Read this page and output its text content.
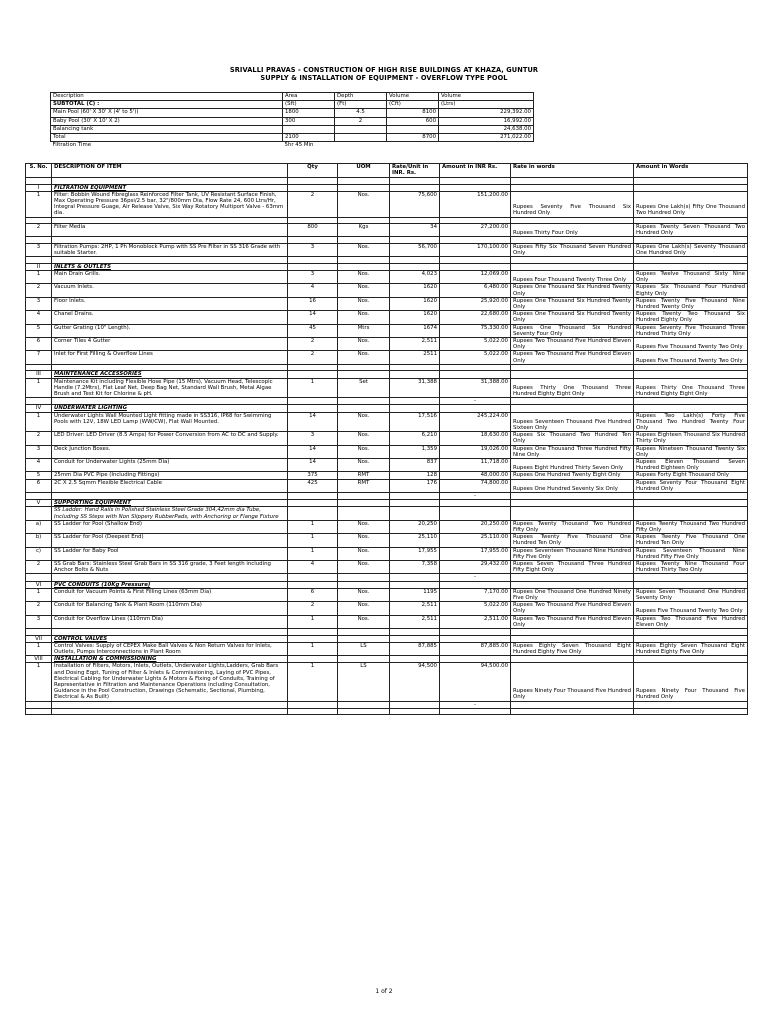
SRIVALLI PRAVAS - CONSTRUCTION OF HIGH RISE BUILDINGS AT KHAZA, GUNTUR
SUPPLY & INSTALLATION OF EQUIPMENT - OVERFLOW TYPE POOL
Description	Area	Depth	Volume	Volume
SUBTOTAL (C) :	(Sft)	(Ft)	(Cft)	(Ltrs)
Main Pool (60' X 30' X (4' to 5'))	1800	4.5	8100	229,392.00
Baby Pool (30' X 10' X 2)	300	2	600	16,992.00
Balancing tank				24,638.00
Total	2100		8700	271,022.00
Filtration Time	5hr 45 Min			
S. No.	DESCRIPTION OF ITEM	Qty	UOM	Rate/Unit in INR. Rs.	Amount in INR Rs.	Rate in words	Amount in Words

I	FILTRATION EQUIPMENT						
1	Filter: Bobbin Wound Fibreglass Reinforced Filter Tank, UV Resistant Surface Finish, Max Operating Pressure 36psi/2.5 bar, 32"/800mm Dia, Flow Rate 24, 600 Ltrs/Hr, Integral Pressure Guage, Air Release Valve, Six Way Rotatory Multiport Valve - 63mm dia.	2	Nos.	75,600	151,200.00	Rupees Seventy Five Thousand Six Hundred Only	Rupees One Lakh(s) Fifty One Thousand Two Hundred Only

2	Filter Media	800	Kgs	34	27,200.00	Rupees Thirty Four Only	Rupees Twenty Seven Thousand Two Hundred Only

3	Filtration Pumps: 2HP, 1 Ph Monoblock Pump with SS Pre Filter in SS 316 Grade with suitable Starter.	3	Nos.	56,700	170,100.00	Rupees Fifty Six Thousand Seven Hundred Only	Rupees One Lakh(s) Seventy Thousand One Hundred Only

II	INLETS & OUTLETS						
1	Main Drain Grills.	3	Nos.	4,023	12,069.00	Rupees Four Thousand Twenty Three Only	Rupees Twelve Thousand Sixty Nine Only
2	Vacuum Inlets.	4	Nos.	1620	6,480.00	Rupees One Thousand Six Hundred Twenty Only	Rupees Six Thousand Four Hundred Eighty Only
3	Floor Inlets.	16	Nos.	1620	25,920.00	Rupees One Thousand Six Hundred Twenty Only	Rupees Twenty Five Thousand Nine Hundred Twenty Only
4	Chanel Drains.	14	Nos.	1620	22,680.00	Rupees One Thousand Six Hundred Twenty Only	Rupees Twenty Two Thousand Six Hundred Eighty Only
5	Gutter Grating (10" Length).	45	Mtrs	1674	75,330.00	Rupees One Thousand Six Hundred Seventy Four Only	Rupees Seventy Five Thousand Three Hundred Thirty Only
6	Corner Tiles 4 Gutter	2	Nos.	2,511	5,022.00	Rupees Two Thousand Five Hundred Eleven Only	Rupees Five Thousand Twenty Two Only
7	Inlet for First Filling & Overflow Lines	2	Nos.	2511	5,022.00	Rupees Two Thousand Five Hundred Eleven Only	Rupees Five Thousand Twenty Two Only

III	MAINTENANCE ACCESSORIES						
1	Maintenance Kit including Flexible Hose Pipe (15 Mtrs), Vacuum Head, Telescopic Handle (7.2Mtrs), Flat Leaf Net, Deep Bag Net, Standard Wall Brush, Metal Algae Brush and Test Kit for Chlorine & pH.	1	Set	31,388	31,388.00	Rupees Thirty One Thousand Three Hundred Eighty Eight Only	Rupees Thirty One Thousand Three Hundred Eighty Eight Only
					-		
IV	UNDERWATER LIGHTING						
1	Underwater Lights Wall Mounted Light fitting made in SS316, IP68 for Swimming Pools with 12V, 18W LED Lamp (WW/CW), Flat Wall Mounted.	14	Nos.	17,516	245,224.00	Rupees Seventeen Thousand Five Hundred Sixteen Only	Rupees Two Lakh(s) Forty Five Thousand Two Hundred Twenty Four Only
2	LED Driver: LED Driver (8.5 Amps) for Power Conversion from AC to DC and Supply.	3	Nos.	6,210	18,630.00	Rupees Six Thousand Two Hundred Ten Only	Rupees Eighteen Thousand Six Hundred Thirty Only
3	Deck Junction Boxes.	14	Nos.	1,359	19,026.00	Rupees One Thousand Three Hundred Fifty Nine Only	Rupees Nineteen Thousand Twenty Six Only
4	Conduit for Underwater Lights (25mm Dia)	14	Nos.	837	11,718.00	Rupees Eight Hundred Thirty Seven Only	Rupees Eleven Thousand Seven Hundred Eighteen Only
5	25mm Dia PVC Pipe (Including Fittings)	375	RMT	128	48,000.00	Rupees One Hundred Twenty Eight Only	Rupees Forty Eight Thousand Only
6	2C X 2.5 Sqmm Flexible Electrical Cable	425	RMT	176	74,800.00	Rupees One Hundred Seventy Six Only	Rupees Seventy Four Thousand Eight Hundred Only
					-		
V	SUPPORTING EQUIPMENT						
	SS Ladder: Hand Rails in Polished Stainless Steel Grade 304,42mm dia Tube, Including SS Steps with Non Slippery RubberPads, with Anchoring or Flange Fixture						
a)	SS Ladder for Pool (Shallow End)	1	Nos.	20,250	20,250.00	Rupees Twenty Thousand Two Hundred Fifty Only	Rupees Twenty Thousand Two Hundred Fifty Only
b)	SS Ladder for Pool (Deepest End)	1	Nos.	25,110	25,110.00	Rupees Twenty Five Thousand One Hundred Ten Only	Rupees Twenty Five Thousand One Hundred Ten Only
c)	SS Ladder for Baby Pool	1	Nos.	17,955	17,955.00	Rupees Seventeen Thousand Nine Hundred Fifty Five Only	Rupees Seventeen Thousand Nine Hundred Fifty Five Only
2	SS Grab Bars: Stainless Steel Grab Bars in SS 316 grade, 3 Feet length including Anchor Bolts & Nuts	4	Nos.	7,358	29,432.00	Rupees Seven Thousand Three Hundred Fifty Eight Only	Rupees Twenty Nine Thousand Four Hundred Thirty Two Only
					-		
VI	PVC CONDUITS (10Kg Pressure)						
1	Conduit for Vacuum Points & First Filling Lines (63mm Dia)	6	Nos.	1195	7,170.00	Rupees One Thousand One Hundred Ninety Five Only	Rupees Seven Thousand One Hundred Seventy Only
2	Conduit for Balancing Tank & Plant Room (110mm Dia)	2	Nos.	2,511	5,022.00	Rupees Two Thousand Five Hundred Eleven Only	Rupees Five Thousand Twenty Two Only
3	Conduit for Overflow Lines (110mm Dia)	1	Nos.	2,511	2,511.00	Rupees Two Thousand Five Hundred Eleven Only	Rupees Two Thousand Five Hundred Eleven Only

VII	CONTROL VALVES						
1	Control Valves: Supply of CEPEX Make Ball Valves & Non Return Valves for Inlets, Outlets, Pumps Interconnections in Plant Room	1	LS	87,885	87,885.00	Rupees Eighty Seven Thousand Eight Hundred Eighty Five Only	Rupees Eighty Seven Thousand Eight Hundred Eighty Five Only
VIII	INSTALLATION & COMMISSIONING						
1	Installation of Filters, Motors, Inlets, Outlets, Underwater Lights,Ladders, Grab Bars and Dosing Eqpt, Tuning of Filter & Inlets & Commissioning, Laying of PVC Pipes, Electrical Cabling for Underwater Lights & Motors & Fixing of Conduits, Training of Representative in Filtration and Maintenance Operations including Consultation, Guidance in the Pool Construction, Drawings (Schematic, Sectional, Plumbing, Electrical & As Built)	1	LS	94,500	94,500.00	Rupees Ninety Four Thousand Five Hundred Only	Rupees Ninety Four Thousand Five Hundred Only
					-		

1 of 2
